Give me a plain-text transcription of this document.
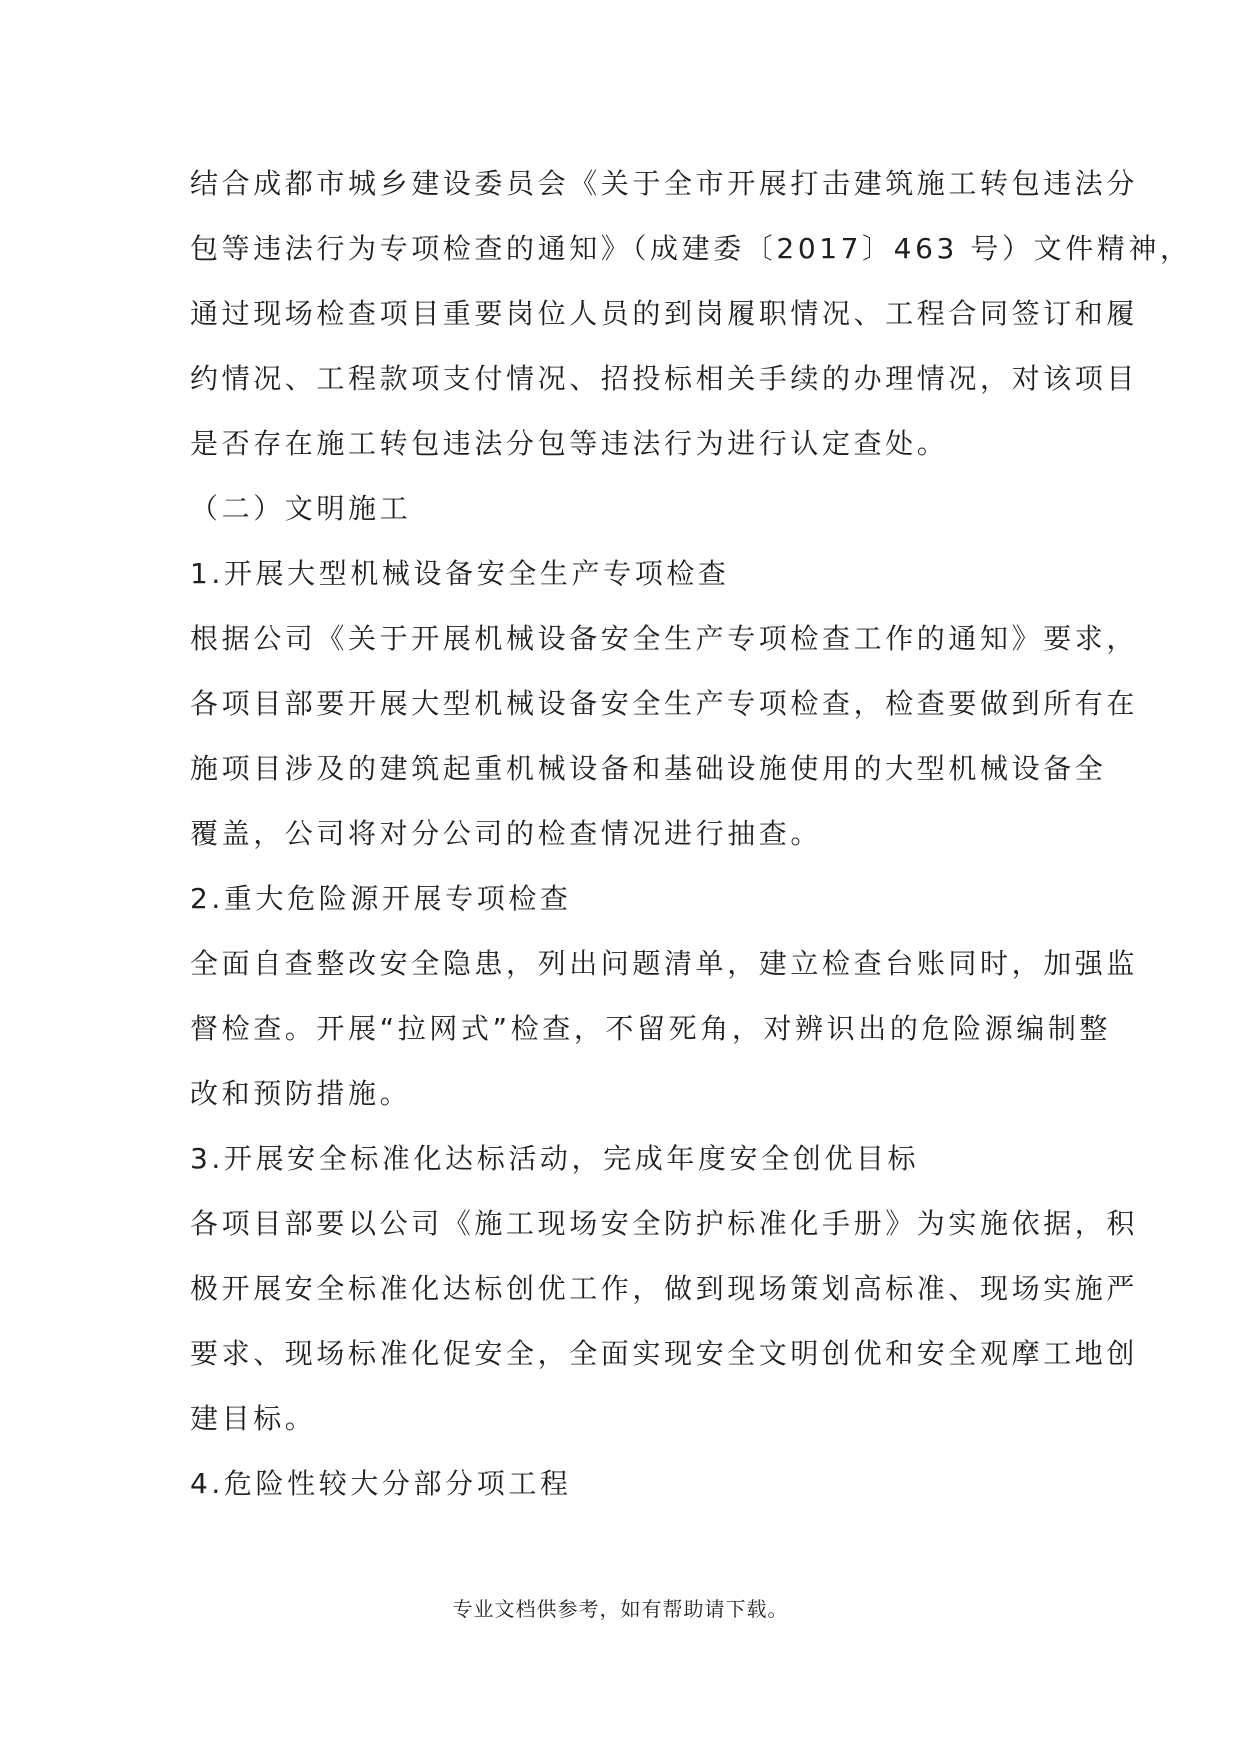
结合成都市城乡建设委员会《关于全市开展打击建筑施工转包违法分
包等违法行为专项检查的通知》（成建委〔2017〕463 号）文件精神，
通过现场检查项目重要岗位人员的到岗履职情况、工程合同签订和履
约情况、工程款项支付情况、招投标相关手续的办理情况，对该项目
是否存在施工转包违法分包等违法行为进行认定查处。
（二）文明施工
1.开展大型机械设备安全生产专项检查
根据公司《关于开展机械设备安全生产专项检查工作的通知》要求，
各项目部要开展大型机械设备安全生产专项检查，检查要做到所有在
施项目涉及的建筑起重机械设备和基础设施使用的大型机械设备全
覆盖，公司将对分公司的检查情况进行抽查。
2.重大危险源开展专项检查
全面自查整改安全隐患，列出问题清单，建立检查台账同时，加强监
督检查。开展“拉网式”检查，不留死角，对辨识出的危险源编制整
改和预防措施。
3.开展安全标准化达标活动，完成年度安全创优目标
各项目部要以公司《施工现场安全防护标准化手册》为实施依据，积
极开展安全标准化达标创优工作，做到现场策划高标准、现场实施严
要求、现场标准化促安全，全面实现安全文明创优和安全观摩工地创
建目标。
4.危险性较大分部分项工程
专业文档供参考，如有帮助请下载。
